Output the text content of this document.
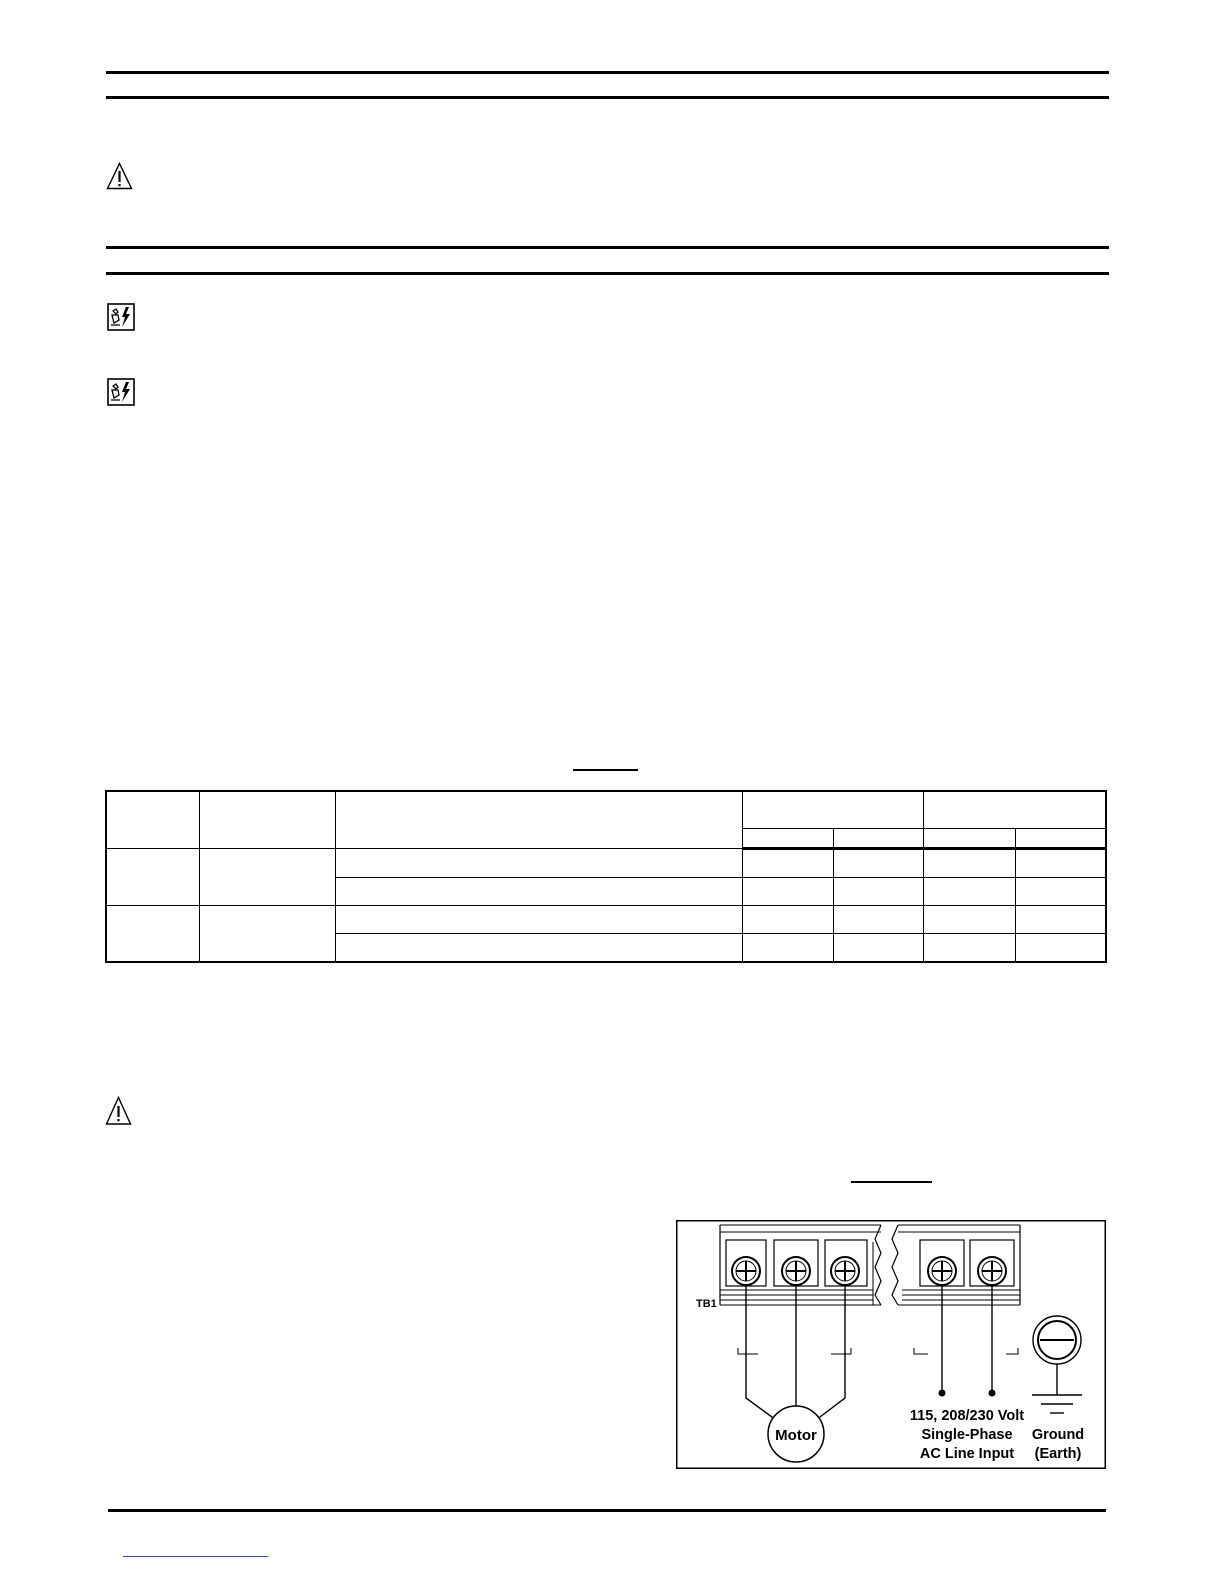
TB1
Motor
115, 208/230 Volt
Single-Phase
AC Line Input
Ground
(Earth)
